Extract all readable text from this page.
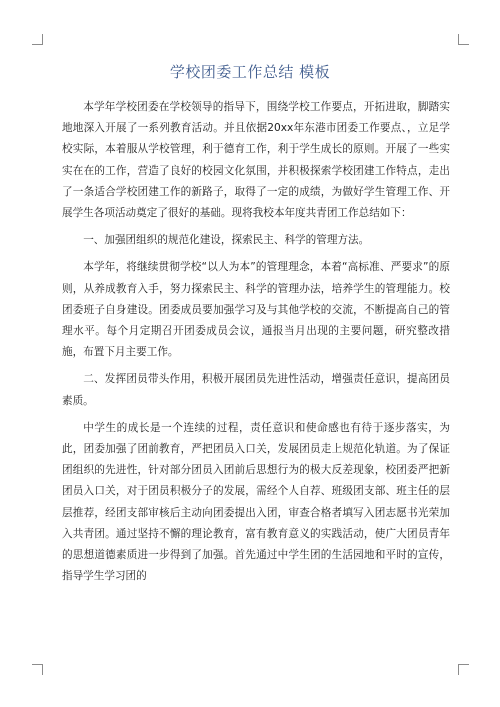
学校团委工作总结 模板

本学年学校团委在学校领导的指导下，围绕学校工作要点，开拓进取，脚踏实地地深入开展了一系列教育活动。并且依据20xx年东港市团委工作要点、，立足学校实际，本着服从学校管理，利于德育工作，利于学生成长的原则。开展了一些实实在在的工作，营造了良好的校园文化氛围，并积极探索学校团建工作特点，走出了一条适合学校团建工作的新路子，取得了一定的成绩，为做好学生管理工作、开展学生各项活动奠定了很好的基础。现将我校本年度共青团工作总结如下：

一、加强团组织的规范化建设，探索民主、科学的管理方法。

本学年，将继续贯彻学校“以人为本”的管理理念，本着“高标准、严要求”的原则，从养成教育入手，努力探索民主、科学的管理办法，培养学生的管理能力。校团委班子自身建设。团委成员要加强学习及与其他学校的交流，不断提高自己的管理水平。每个月定期召开团委成员会议，通报当月出现的主要问题，研究整改措施，布置下月主要工作。

二、发挥团员带头作用，积极开展团员先进性活动，增强责任意识，提高团员素质。

中学生的成长是一个连续的过程，责任意识和使命感也有待于逐步落实，为此，团委加强了团前教育，严把团员入口关，发展团员走上规范化轨道。为了保证团组织的先进性，针对部分团员入团前后思想行为的极大反差现象，校团委严把新团员入口关，对于团员积极分子的发展，需经个人自荐、班级团支部、班主任的层层推荐，经团支部审核后主动向团委提出入团，审查合格者填写入团志愿书光荣加入共青团。通过坚持不懈的理论教育，富有教育意义的实践活动，使广大团员青年的思想道德素质进一步得到了加强。首先通过中学生团的生活园地和平时的宣传，指导学生学习团的
